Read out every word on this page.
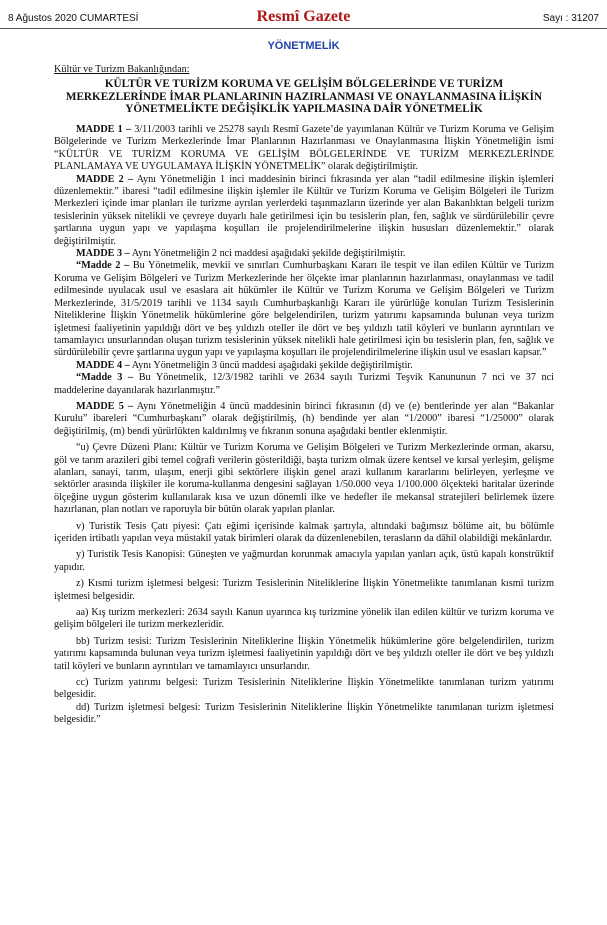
8 Ağustos 2020 CUMARTESİ	Resmî Gazete	Sayı : 31207
YÖNETMELİK
Kültür ve Turizm Bakanlığından:
KÜLTÜR VE TURİZM KORUMA VE GELİŞİM BÖLGELERİNDE VE TURİZM MERKEZLERİNDE İMAR PLANLARININ HAZIRLANMASI VE ONAYLANMASINA İLİŞKİN YÖNETMELİKTE DEĞİŞİKLİK YAPILMASINA DAİR YÖNETMELİK

MADDE 1 – 3/11/2003 tarihli ve 25278 sayılı Resmî Gazete’de yayımlanan Kültür ve Turizm Koruma ve Gelişim Bölgelerinde ve Turizm Merkezlerinde İmar Planlarının Hazırlanması ve Onaylanmasına İlişkin Yönetmeliğin ismi “KÜLTÜR VE TURİZM KORUMA VE GELİŞİM BÖLGELERİNDE VE TURİZM MERKEZLERİNDE PLANLAMAYA VE UYGULAMAYA İLİŞKİN YÖNETMELİK” olarak değiştirilmiştir.

MADDE 2 – Aynı Yönetmeliğin 1 inci maddesinin birinci fıkrasında yer alan “tadil edilmesine ilişkin işlemleri düzenlemektir.” ibaresi “tadil edilmesine ilişkin işlemler ile Kültür ve Turizm Koruma ve Gelişim Bölgeleri ile Turizm Merkezleri içinde imar planları ile turizme ayrılan yerlerdeki taşınmazların üzerinde yer alan Bakanlıktan belgeli turizm tesislerinin yüksek nitelikli ve çevreye duyarlı hale getirilmesi için bu tesislerin plan, fen, sağlık ve sürdürülebilir çevre şartlarına uygun yapı ve yapılaşma koşulları ile projelendirilmelerine ilişkin hususları düzenlemektir.” olarak değiştirilmiştir.

MADDE 3 – Aynı Yönetmeliğin 2 nci maddesi aşağıdaki şekilde değiştirilmiştir.

“Madde 2 – Bu Yönetmelik, mevkii ve sınırları Cumhurbaşkanı Kararı ile tespit ve ilan edilen Kültür ve Turizm Koruma ve Gelişim Bölgeleri ve Turizm Merkezlerinde her ölçekte imar planlarının hazırlanması, onaylanması ve tadil edilmesinde uyulacak usul ve esaslara ait hükümler ile Kültür ve Turizm Koruma ve Gelişim Bölgeleri ve Turizm Merkezlerinde, 31/5/2019 tarihli ve 1134 sayılı Cumhurbaşkanlığı Kararı ile yürürlüğe konulan Turizm Tesislerinin Niteliklerine İlişkin Yönetmelik hükümlerine göre belgelendirilen, turizm yatırımı kapsamında bulunan veya turizm işletmesi faaliyetinin yapıldığı dört ve beş yıldızlı oteller ile dört ve beş yıldızlı tatil köyleri ve bunların ayrıntıları ve tamamlayıcı unsurlarından oluşan turizm tesislerinin yüksek nitelikli hale getirilmesi için bu tesislerin plan, fen, sağlık ve sürdürülebilir çevre şartlarına uygun yapı ve yapılaşma koşulları ile projelendirilmelerine ilişkin usul ve esasları kapsar.”

MADDE 4 – Aynı Yönetmeliğin 3 üncü maddesi aşağıdaki şekilde değiştirilmiştir.

“Madde 3 – Bu Yönetmelik, 12/3/1982 tarihli ve 2634 sayılı Turizmi Teşvik Kanununun 7 nci ve 37 nci maddelerine dayanılarak hazırlanmıştır.”

MADDE 5 – Aynı Yönetmeliğin 4 üncü maddesinin birinci fıkrasının (d) ve (e) bentlerinde yer alan “Bakanlar Kurulu” ibareleri “Cumhurbaşkanı” olarak değiştirilmiş, (h) bendinde yer alan “1/2000” ibaresi “1/25000” olarak değiştirilmiş, (m) bendi yürürlükten kaldırılmış ve fıkranın sonuna aşağıdaki bentler eklenmiştir.

“u) Çevre Düzeni Planı: Kültür ve Turizm Koruma ve Gelişim Bölgeleri ve Turizm Merkezlerinde orman, akarsu, göl ve tarım arazileri gibi temel coğrafi verilerin gösterildiği, başta turizm olmak üzere kentsel ve kırsal yerleşim, gelişme alanları, sanayi, tarım, ulaşım, enerji gibi sektörlere ilişkin genel arazi kullanım kararlarını belirleyen, yerleşme ve sektörler arasında ilişkiler ile koruma-kullanma dengesini sağlayan 1/50.000 veya 1/100.000 ölçekteki haritalar üzerinde ölçeğine uygun gösterim kullanılarak kısa ve uzun dönemli ilke ve hedefler ile mekansal stratejileri belirlemek üzere hazırlanan, plan notları ve raporuyla bir bütün olarak yapılan planlar.

v) Turistik Tesis Çatı piyesi: Çatı eğimi içerisinde kalmak şartıyla, altındaki bağımsız bölüme ait, bu bölümle içeriden irtibatlı yapılan veya müstakil yatak birimleri olarak da düzenlenebilen, terasların da dâhil olabildiği mekânlardır.

y) Turistik Tesis Kanopisi: Güneşten ve yağmurdan korunmak amacıyla yapılan yanları açık, üstü kapalı konstrüktif yapıdır.

z) Kısmi turizm işletmesi belgesi: Turizm Tesislerinin Niteliklerine İlişkin Yönetmelikte tanımlanan kısmi turizm işletmesi belgesidir.

aa) Kış turizm merkezleri: 2634 sayılı Kanun uyarınca kış turizmine yönelik ilan edilen kültür ve turizm koruma ve gelişim bölgeleri ile turizm merkezleridir.

bb) Turizm tesisi: Turizm Tesislerinin Niteliklerine İlişkin Yönetmelik hükümlerine göre belgelendirilen, turizm yatırımı kapsamında bulunan veya turizm işletmesi faaliyetinin yapıldığı dört ve beş yıldızlı oteller ile dört ve beş yıldızlı tatil köyleri ve bunların ayrıntıları ve tamamlayıcı unsurlarıdır.

cc) Turizm yatırımı belgesi: Turizm Tesislerinin Niteliklerine İlişkin Yönetmelikte tanımlanan turizm yatırımı belgesidir.

dd) Turizm işletmesi belgesi: Turizm Tesislerinin Niteliklerine İlişkin Yönetmelikte tanımlanan turizm işletmesi belgesidir.”
